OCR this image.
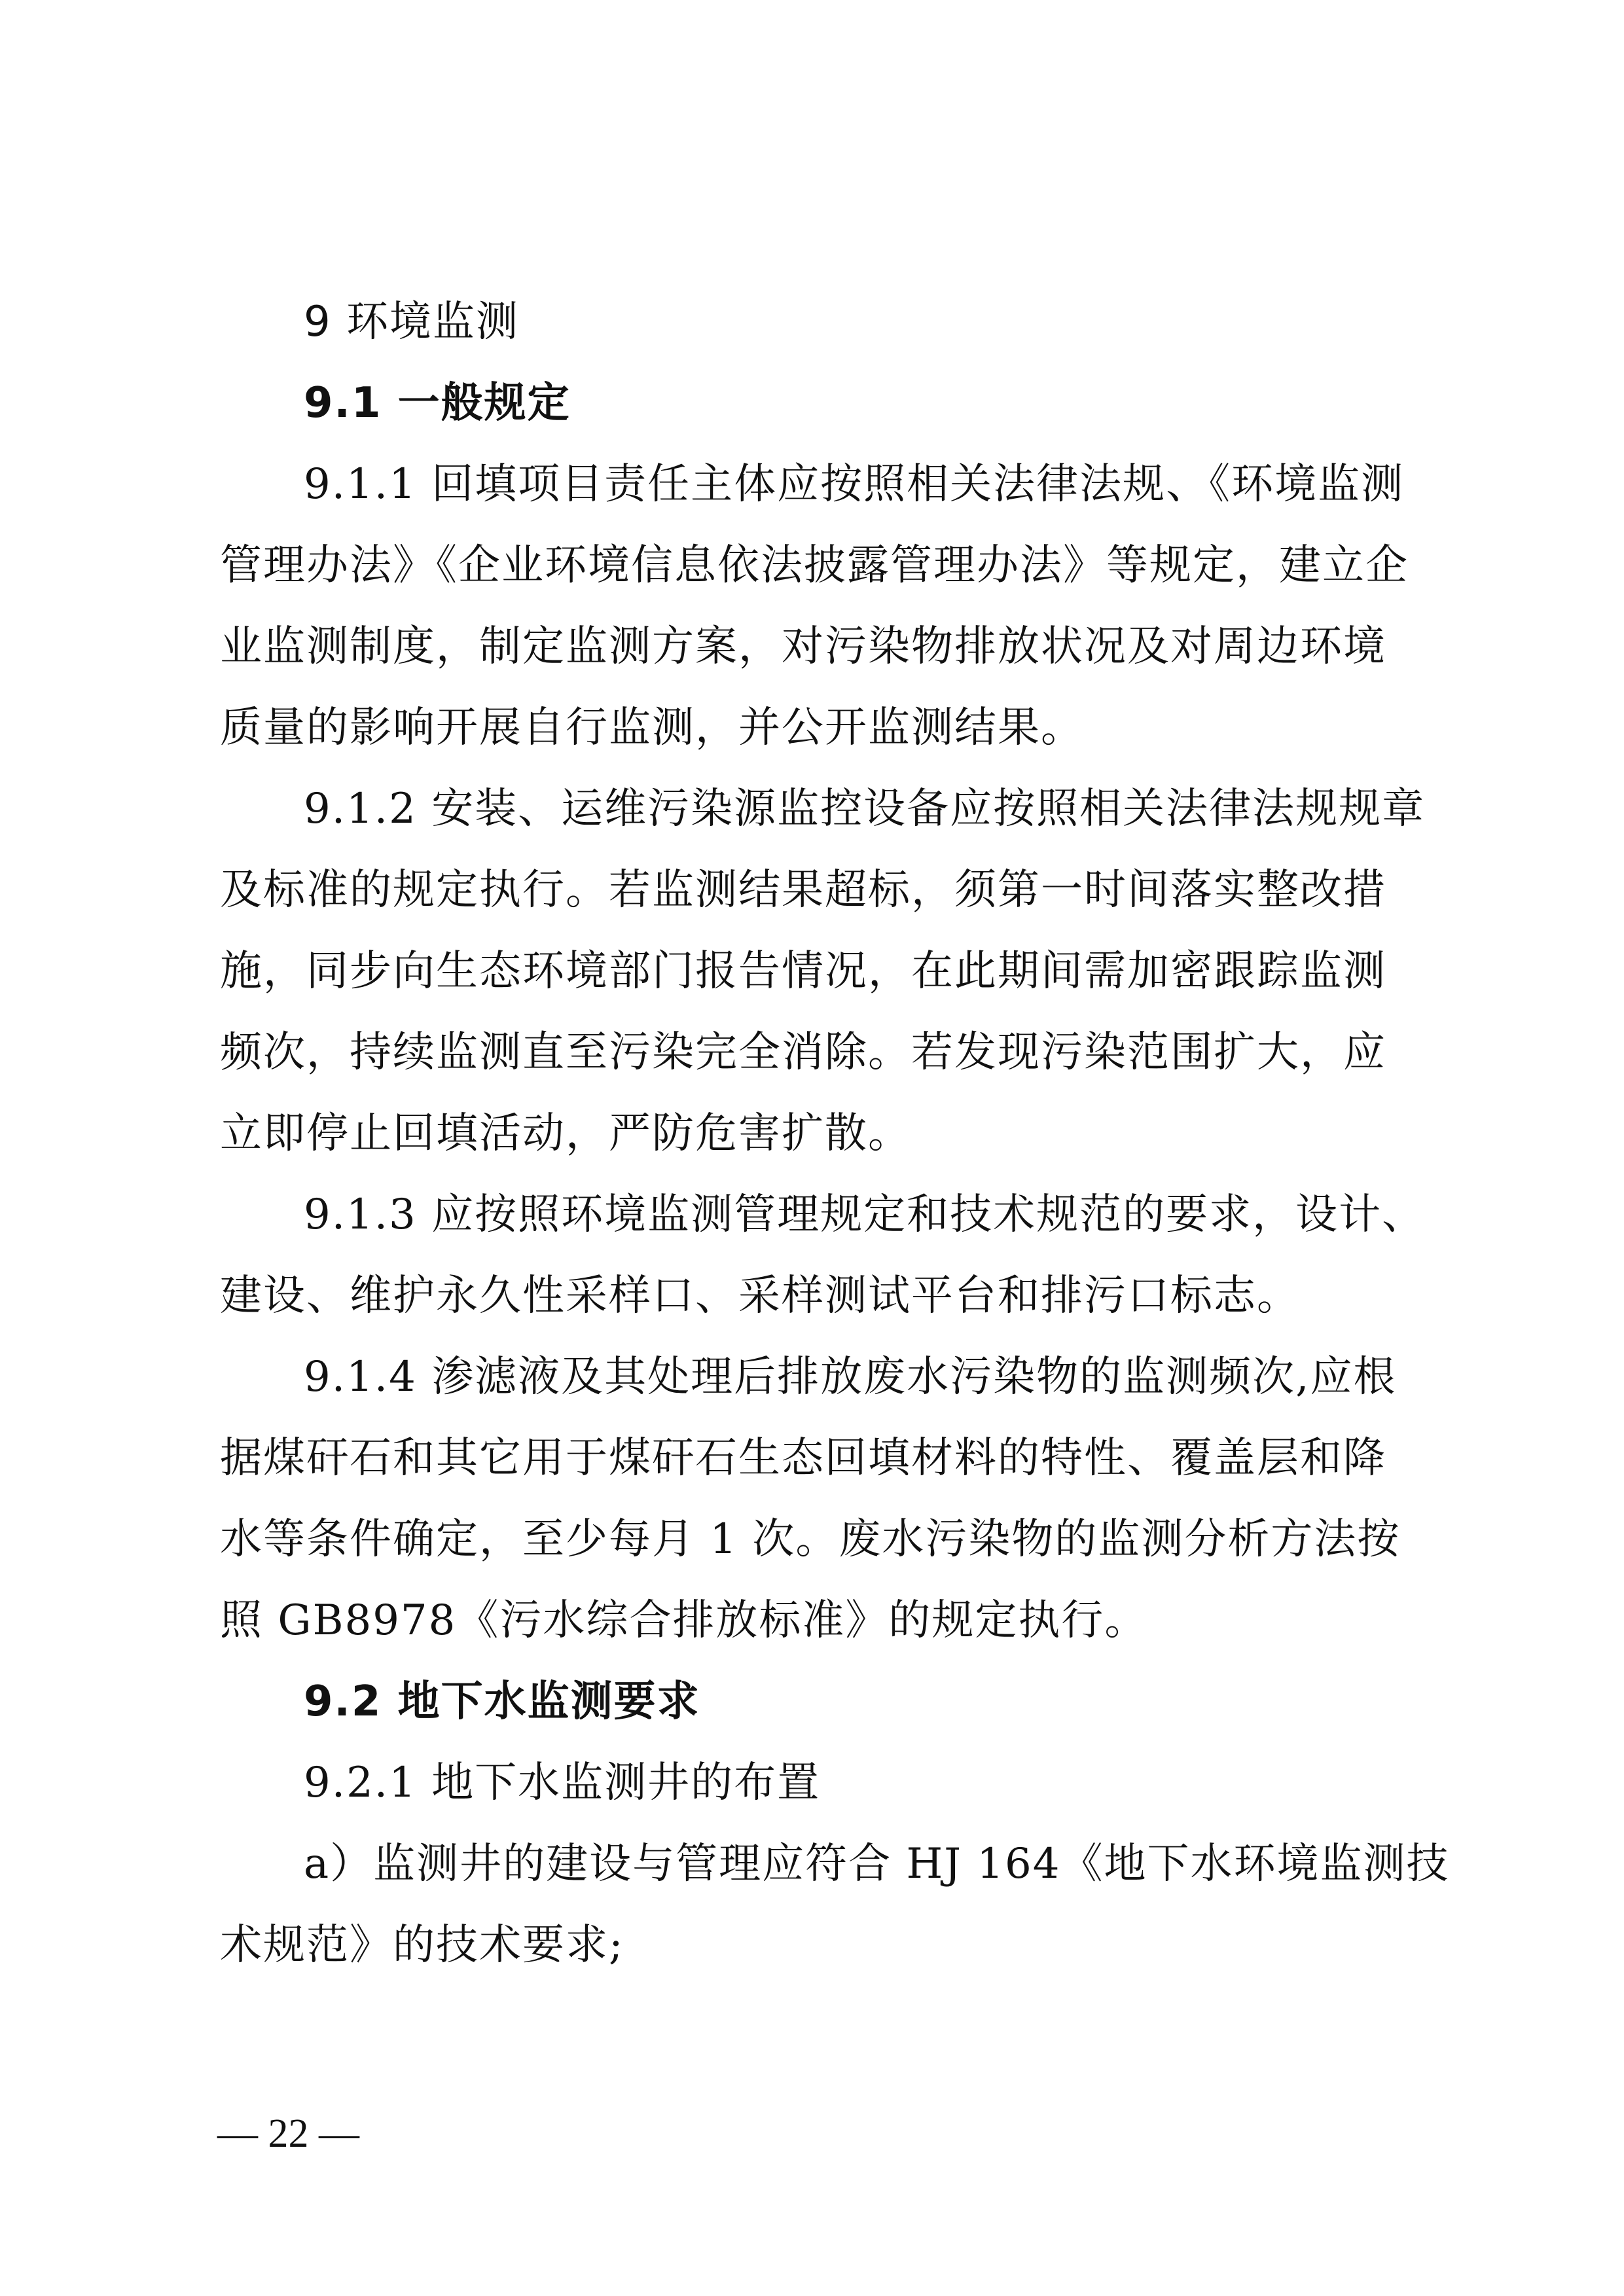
9 环境监测
9.1 一般规定
9.1.1 回填项目责任主体应按照相关法律法规、《环境监测
管理办法》《企业环境信息依法披露管理办法》等规定，建立企
业监测制度，制定监测方案，对污染物排放状况及对周边环境
质量的影响开展自行监测，并公开监测结果。
9.1.2 安装、运维污染源监控设备应按照相关法律法规规章
及标准的规定执行。若监测结果超标，须第一时间落实整改措
施，同步向生态环境部门报告情况，在此期间需加密跟踪监测
频次，持续监测直至污染完全消除。若发现污染范围扩大，应
立即停止回填活动，严防危害扩散。
9.1.3 应按照环境监测管理规定和技术规范的要求，设计、
建设、维护永久性采样口、采样测试平台和排污口标志。
9.1.4 渗滤液及其处理后排放废水污染物的监测频次,应根
据煤矸石和其它用于煤矸石生态回填材料的特性、覆盖层和降
水等条件确定，至少每月 1 次。废水污染物的监测分析方法按
照 GB8978《污水综合排放标准》的规定执行。
9.2 地下水监测要求
9.2.1 地下水监测井的布置
a）监测井的建设与管理应符合 HJ 164《地下水环境监测技
术规范》的技术要求;
— 22 —
